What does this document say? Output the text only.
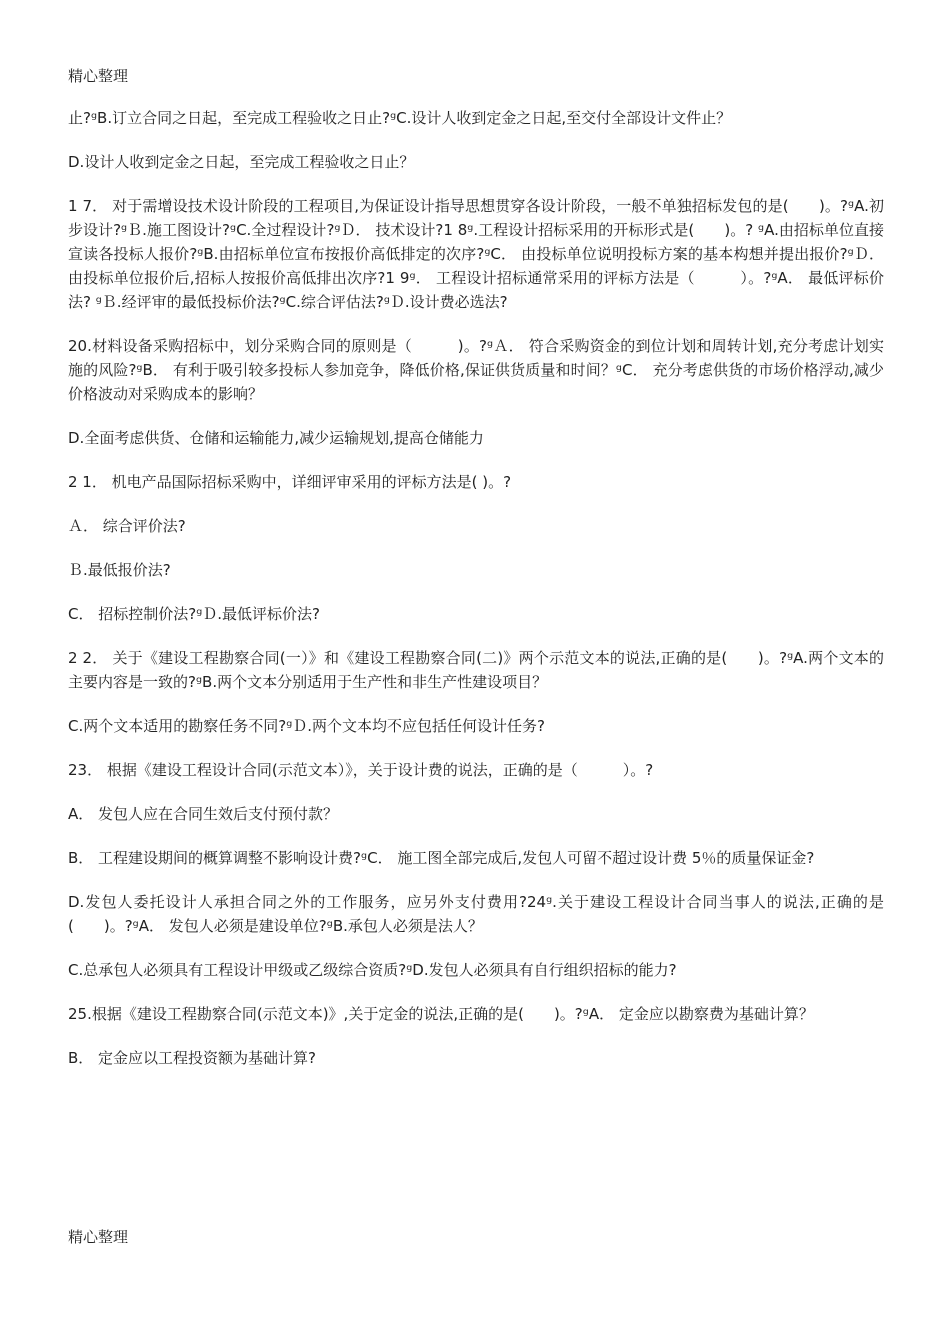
精心整理

止?ᵍB.订立合同之日起，至完成工程验收之日止?ᵍC.设计人收到定金之日起,至交付全部设计文件止？

D.设计人收到定金之日起，至完成工程验收之日止？

1 7． 对于需增设技术设计阶段的工程项目,为保证设计指导思想贯穿各设计阶段，一般不单独招标发包的是(　　)。?ᵍA.初步设计?ᵍＢ.施工图设计?ᵍC.全过程设计?ᵍＤ． 技术设计?1 8ᵍ.工程设计招标采用的开标形式是(　　)。? ᵍA.由招标单位直接宣读各投标人报价?ᵍB.由招标单位宣布按报价高低排定的次序?ᵍC． 由投标单位说明投标方案的基本构想并提出报价?ᵍＤ． 由投标单位报价后,招标人按报价高低排出次序?1 9ᵍ． 工程设计招标通常采用的评标方法是（　　　）。?ᵍA． 最低评标价法? ᵍＢ.经评审的最低投标价法?ᵍC.综合评估法?ᵍＤ.设计费必选法?

20.材料设备采购招标中，划分采购合同的原则是（　　　)。?ᵍＡ． 符合采购资金的到位计划和周转计划,充分考虑计划实施的风险?ᵍB． 有利于吸引较多投标人参加竞争，降低价格,保证供货质量和时间？ᵍC． 充分考虑供货的市场价格浮动,减少价格波动对采购成本的影响？

D.全面考虑供货、仓储和运输能力,减少运输规划,提高仓储能力

2 1． 机电产品国际招标采购中，详细评审采用的评标方法是( )。?

Ａ． 综合评价法?

Ｂ.最低报价法?

C． 招标控制价法?ᵍＤ.最低评标价法?

2 2． 关于《建设工程勘察合同(一）》和《建设工程勘察合同(二)》两个示范文本的说法,正确的是(　　)。?ᵍA.两个文本的主要内容是一致的?ᵍB.两个文本分别适用于生产性和非生产性建设项目？

C.两个文本适用的勘察任务不同?ᵍＤ.两个文本均不应包括任何设计任务?

23． 根据《建设工程设计合同(示范文本）》，关于设计费的说法，正确的是（　　　）。?

A． 发包人应在合同生效后支付预付款？

B． 工程建设期间的概算调整不影响设计费?ᵍC． 施工图全部完成后,发包人可留不超过设计费 5％的质量保证金?

D.发包人委托设计人承担合同之外的工作服务，应另外支付费用?24ᵍ.关于建设工程设计合同当事人的说法,正确的是(　　)。?ᵍA． 发包人必须是建设单位?ᵍB.承包人必须是法人？

C.总承包人必须具有工程设计甲级或乙级综合资质?ᵍD.发包人必须具有自行组织招标的能力?

25.根据《建设工程勘察合同(示范文本)》,关于定金的说法,正确的是(　　)。?ᵍA． 定金应以勘察费为基础计算？

B． 定金应以工程投资额为基础计算?

精心整理
